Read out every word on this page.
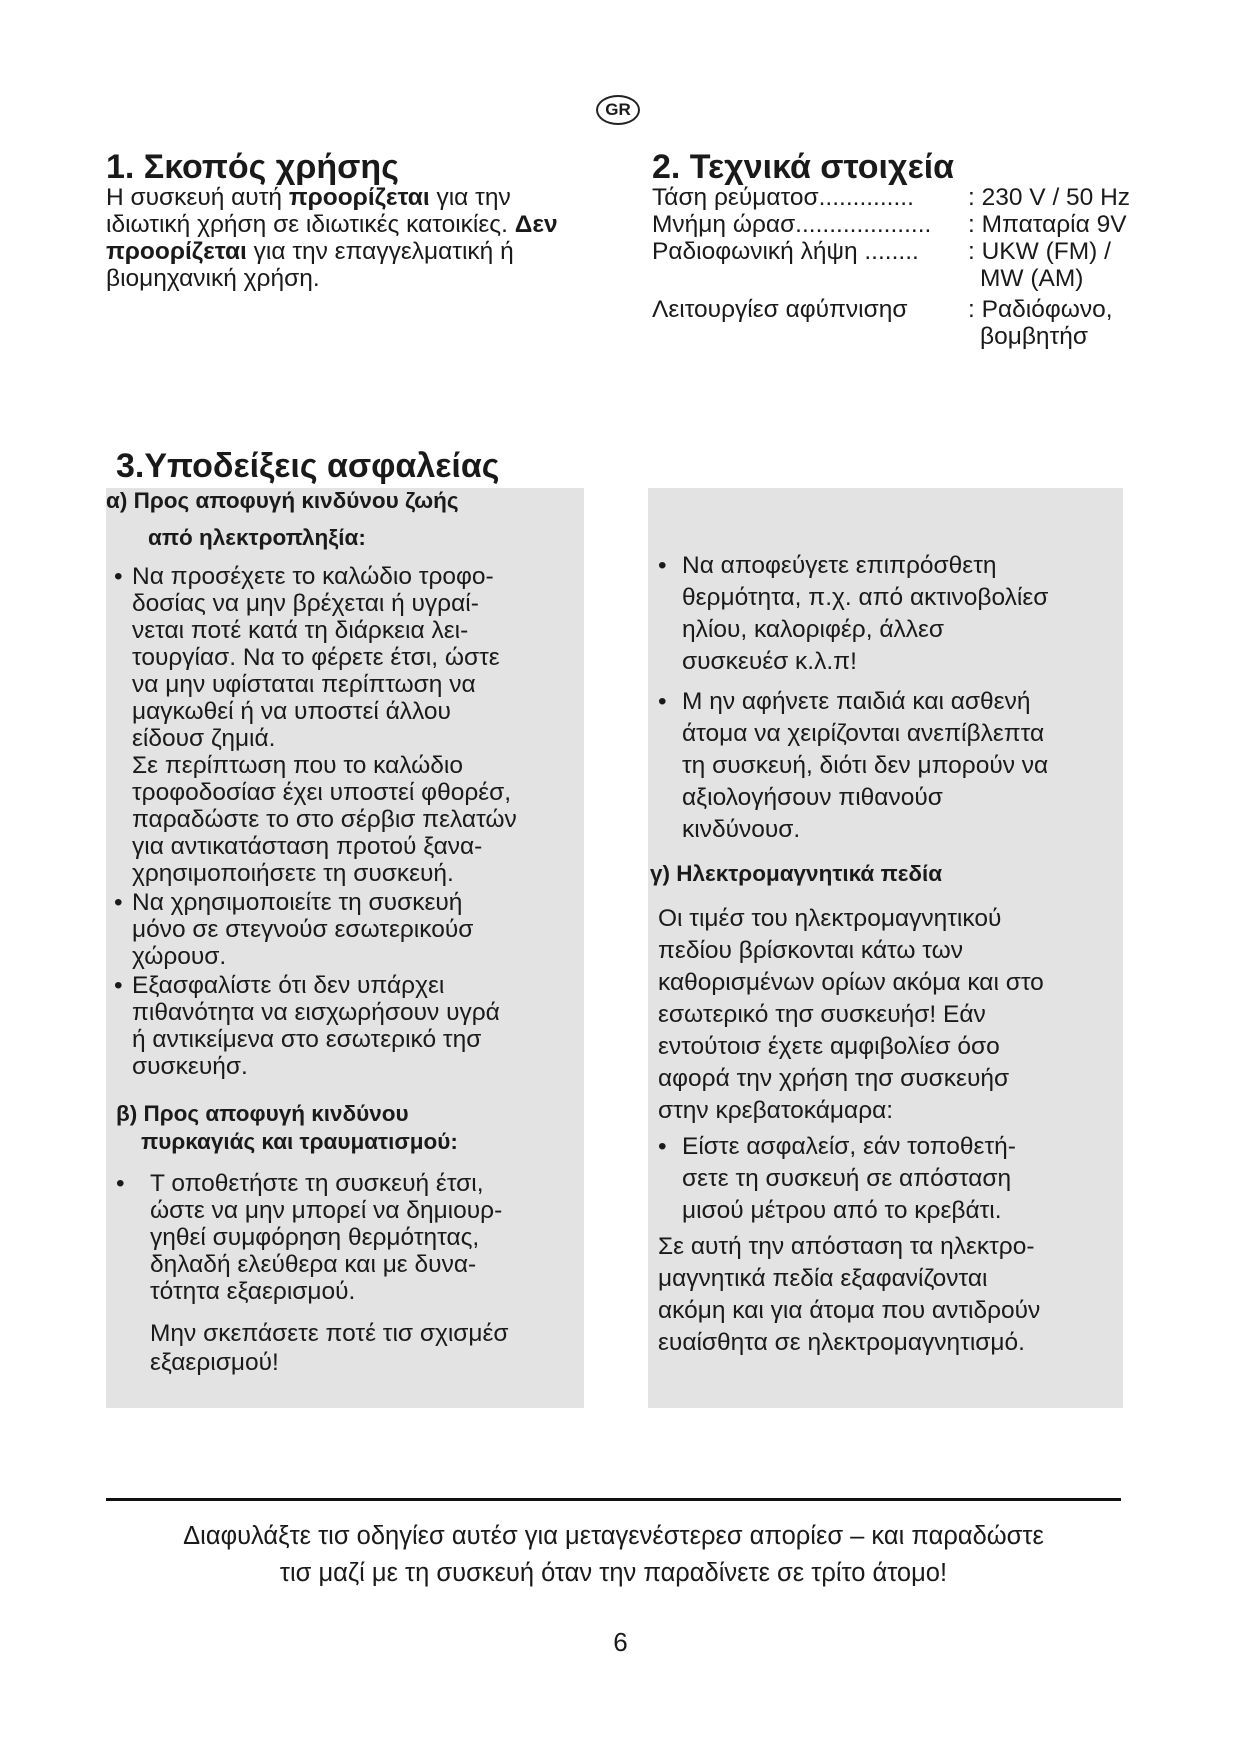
GR
1. Σκοπός χρήσης
Η συσκευή αυτή προορίζεται για την ιδιωτική χρήση σε ιδιωτικές κατοικίες. Δεν προορίζεται για την επαγγελματική ή βιομηχανική χρήση.
2. Τεχνικά στοιχεία
Τάση ρεύματοσ..............	: 230 V / 50 Hz
Μνήμη ώρασ....................	: Μπαταρία 9V
Ραδιοφωνική λήψη ........	: UKW (FM) /
MW (AM)
Λειτουργίεσ αφύπνισησ	: Ραδιόφωνο,
βομβητήσ
3.Υποδείξεις ασφαλείας
α) Προς αποφυγή κινδύνου ζωής
από ηλεκτροπληξία:
• Να προσέχετε το καλώδιο τροφο-
δοσίας να μην βρέχεται ή υγραί-
νεται ποτέ κατά τη διάρκεια λει-
τουργίασ. Να το φέρετε έτσι, ώστε
να μην υφίσταται περίπτωση να
μαγκωθεί ή να υποστεί άλλου
είδουσ ζημιά.
Σε περίπτωση που το καλώδιο
τροφοδοσίασ έχει υποστεί φθορέσ,
παραδώστε το στο σέρβισ πελατών
για αντικατάσταση προτού ξανα-
χρησιμοποιήσετε τη συσκευή.
• Να χρησιμοποιείτε τη συσκευή
μόνο σε στεγνούσ εσωτερικούσ
χώρουσ.
• Εξασφαλίστε ότι δεν υπάρχει
πιθανότητα να εισχωρήσουν υγρά
ή αντικείμενα στο εσωτερικό τησ
συσκευήσ.
β) Προς αποφυγή κινδύνου
πυρκαγιάς και τραυματισμού:
•	Τ οποθετήστε τη συσκευή έτσι,
ώστε να μην μπορεί να δημιουρ-
γηθεί συμφόρηση θερμότητας,
δηλαδή ελεύθερα και με δυνα-
τότητα εξαερισμού.
Μην σκεπάσετε ποτέ τισ σχισμέσ
εξαερισμού!
• Να αποφεύγετε επιπρόσθετη
θερμότητα, π.χ. από ακτινοβολίεσ
ηλίου, καλοριφέρ, άλλεσ
συσκευέσ κ.λ.π!
• Μ ην αφήνετε παιδιά και ασθενή
άτομα να χειρίζονται ανεπίβλεπτα
τη συσκευή, διότι δεν μπορούν να
αξιολογήσουν πιθανούσ
κινδύνουσ.
γ) Ηλεκτρομαγνητικά πεδία
Οι τιμέσ του ηλεκτρομαγνητικού
πεδίου βρίσκονται κάτω των
καθορισμένων ορίων ακόμα και στο
εσωτερικό τησ συσκευήσ! Εάν
εντούτοισ έχετε αμφιβολίεσ όσο
αφορά την χρήση τησ συσκευήσ
στην κρεβατοκάμαρα:
• Είστε ασφαλείσ, εάν τοποθετή-
σετε τη συσκευή σε απόσταση
μισού μέτρου από το κρεβάτι.
Σε αυτή την απόσταση τα ηλεκτρο-
μαγνητικά πεδία εξαφανίζονται
ακόμη και για άτομα που αντιδρούν
ευαίσθητα σε ηλεκτρομαγνητισμό.
Διαφυλάξτε τισ οδηγίεσ αυτέσ για μεταγενέστερεσ απορίεσ – και παραδώστε
τισ μαζί με τη συσκευή όταν την παραδίνετε σε τρίτο άτομο!
6
